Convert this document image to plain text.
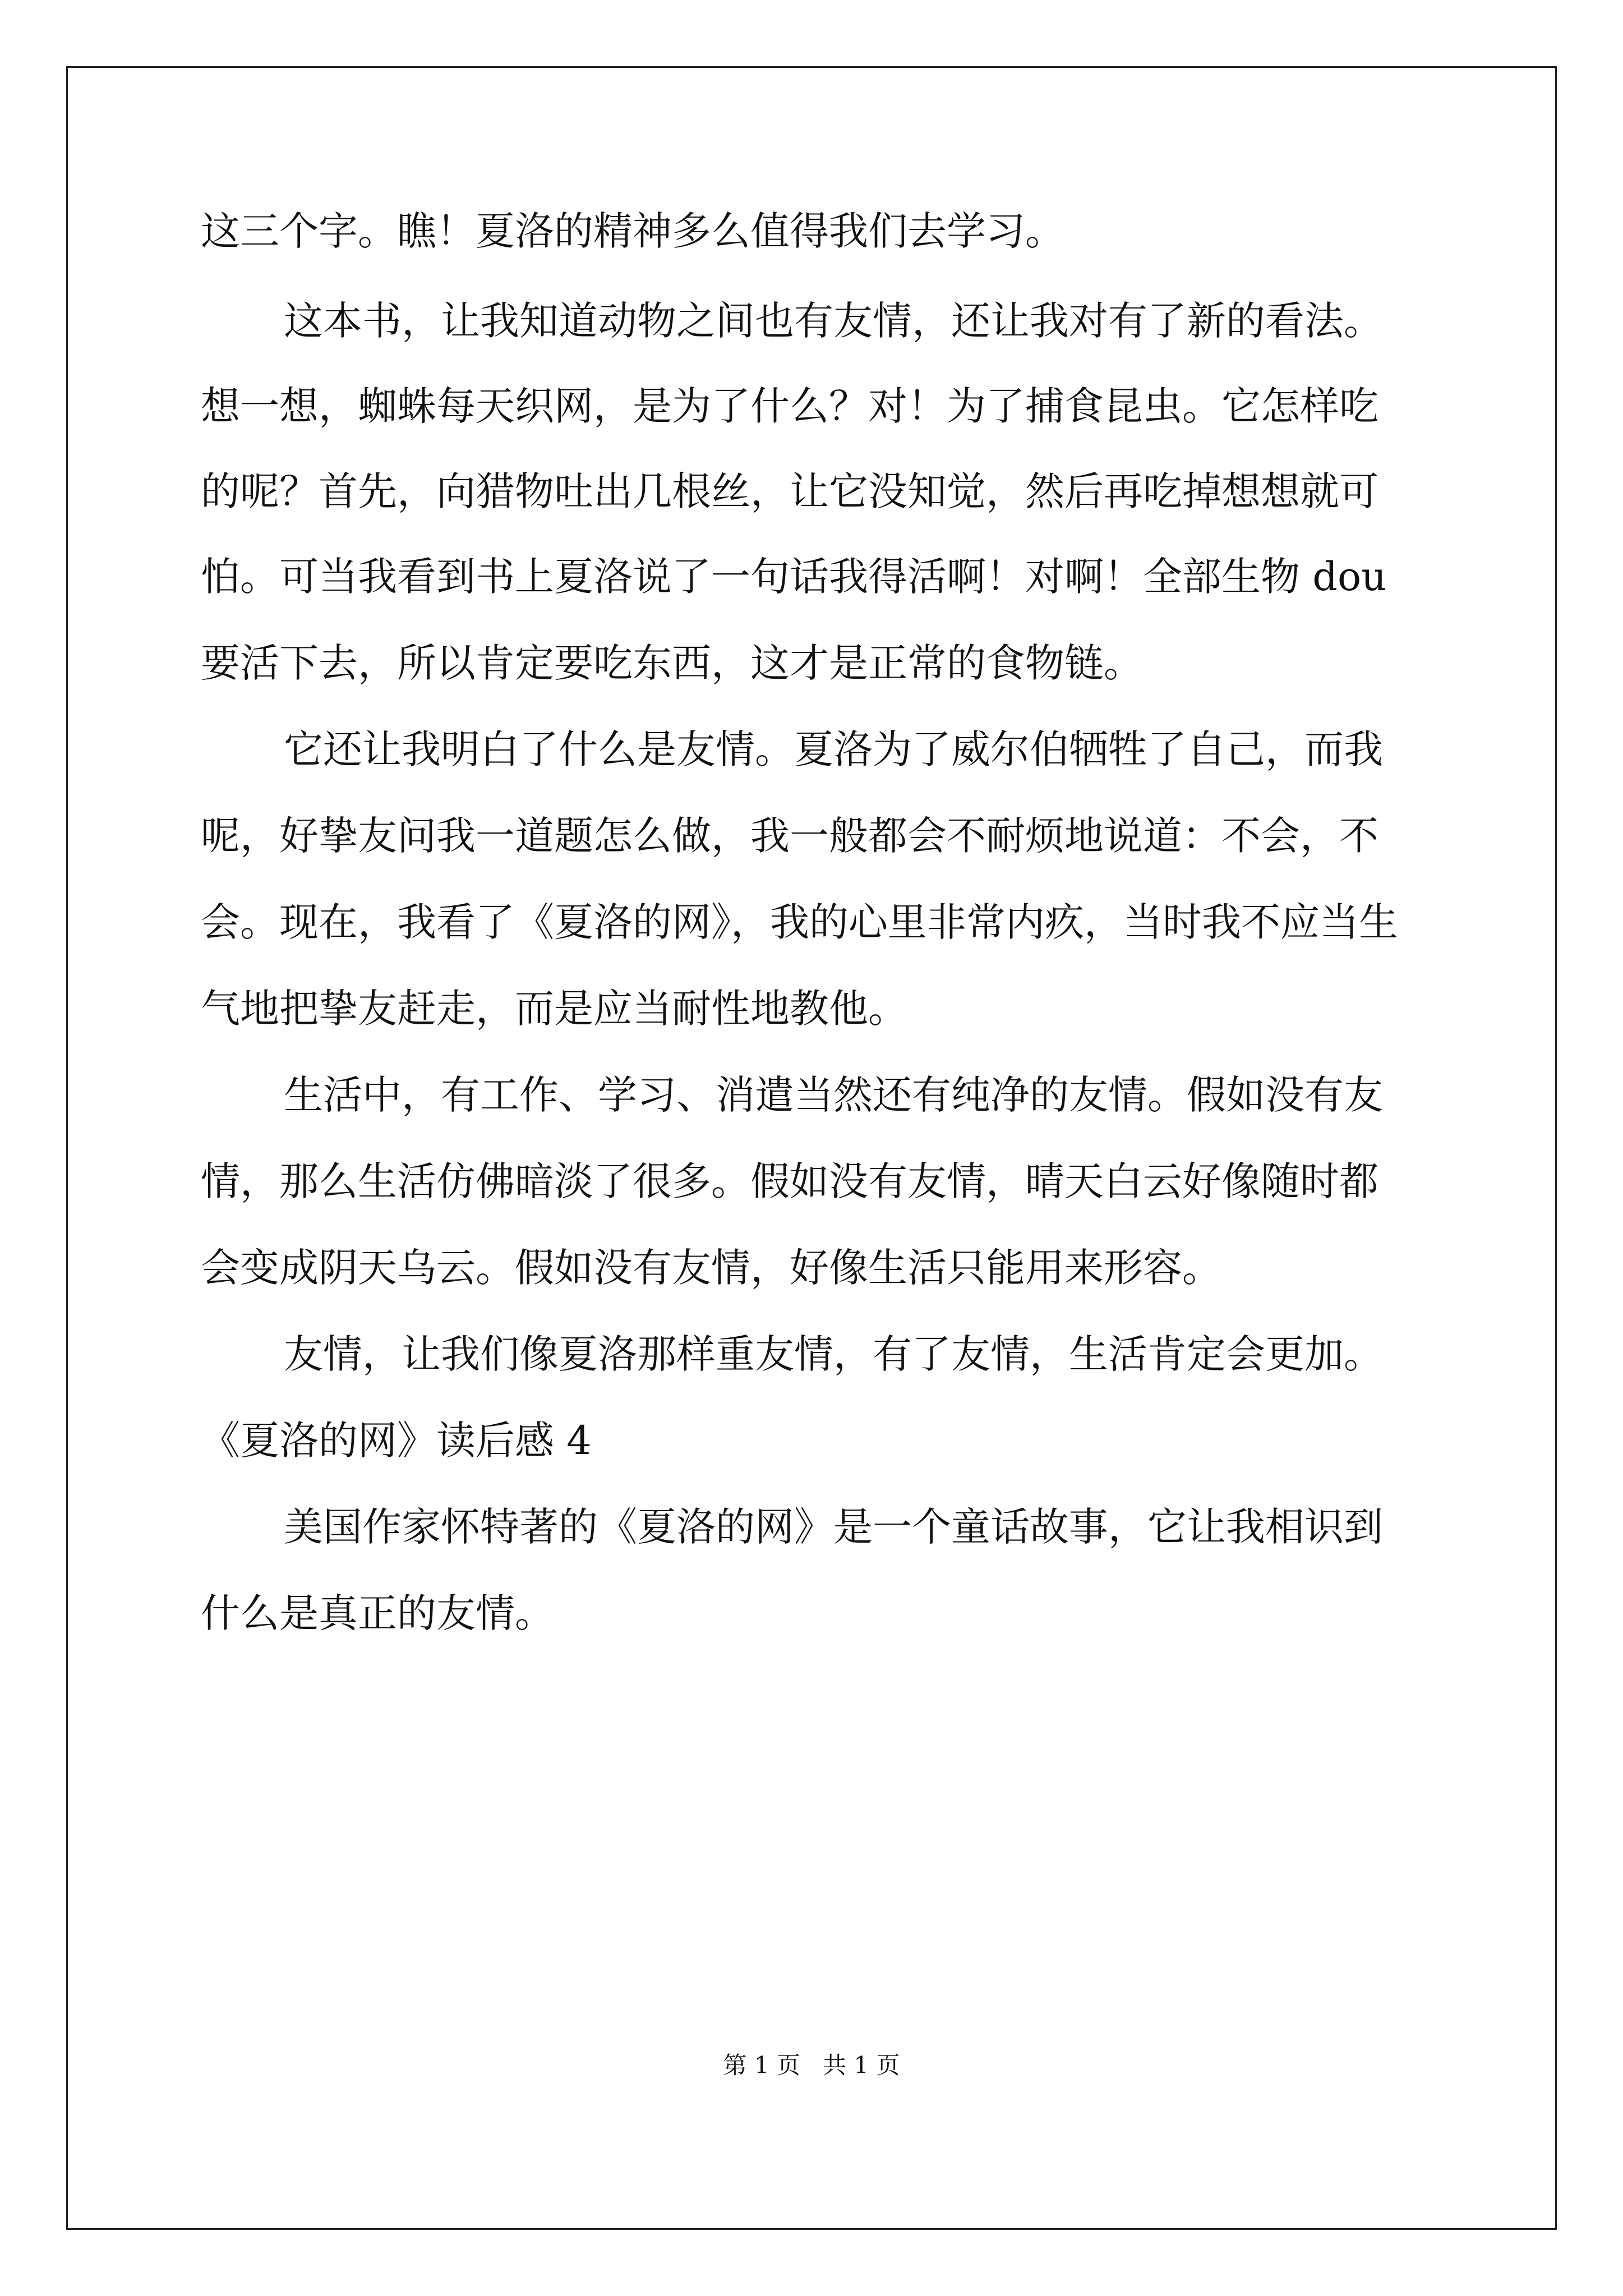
这三个字。瞧！夏洛的精神多么值得我们去学习。
这本书，让我知道动物之间也有友情，还让我对有了新的看法。
想一想，蜘蛛每天织网，是为了什么？对！为了捕食昆虫。它怎样吃
的呢？首先，向猎物吐出几根丝，让它没知觉，然后再吃掉想想就可
怕。可当我看到书上夏洛说了一句话我得活啊！对啊！全部生物 dou
要活下去，所以肯定要吃东西，这才是正常的食物链。
它还让我明白了什么是友情。夏洛为了威尔伯牺牲了自己，而我
呢，好挚友问我一道题怎么做，我一般都会不耐烦地说道：不会，不
会。现在，我看了《夏洛的网》，我的心里非常内疚，当时我不应当生
气地把挚友赶走，而是应当耐性地教他。
生活中，有工作、学习、消遣当然还有纯净的友情。假如没有友
情，那么生活仿佛暗淡了很多。假如没有友情，晴天白云好像随时都
会变成阴天乌云。假如没有友情，好像生活只能用来形容。
友情，让我们像夏洛那样重友情，有了友情，生活肯定会更加。
《夏洛的网》读后感 4
美国作家怀特著的《夏洛的网》是一个童话故事，它让我相识到
什么是真正的友情。
第 1 页   共 1 页
